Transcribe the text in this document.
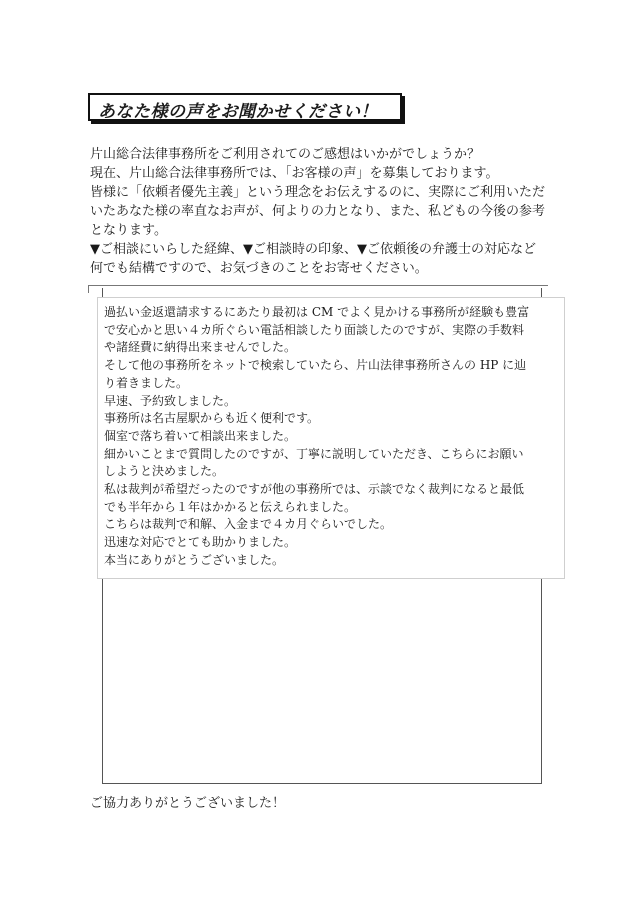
あなた様の声をお聞かせください！

片山総合法律事務所をご利用されてのご感想はいかがでしょうか？

現在、片山総合法律事務所では、「お客様の声」を募集しております。

皆様に「依頼者優先主義」という理念をお伝えするのに、実際にご利用いただ

いたあなた様の率直なお声が、何よりの力となり、また、私どもの今後の参考

となります。

▼ご相談にいらした経緯、▼ご相談時の印象、▼ご依頼後の弁護士の対応など

何でも結構ですので、お気づきのことをお寄せください。

過払い金返還請求するにあたり最初は CM でよく見かける事務所が経験も豊富

で安心かと思い４カ所ぐらい電話相談したり面談したのですが、実際の手数料

や諸経費に納得出来ませんでした。

そして他の事務所をネットで検索していたら、片山法律事務所さんの HP に辿

り着きました。

早速、予約致しました。

事務所は名古屋駅からも近く便利です。

個室で落ち着いて相談出来ました。

細かいことまで質問したのですが、丁寧に説明していただき、こちらにお願い

しようと決めました。

私は裁判が希望だったのですが他の事務所では、示談でなく裁判になると最低

でも半年から１年はかかると伝えられました。

こちらは裁判で和解、入金まで４カ月ぐらいでした。

迅速な対応でとても助かりました。

本当にありがとうございました。

ご協力ありがとうございました！
